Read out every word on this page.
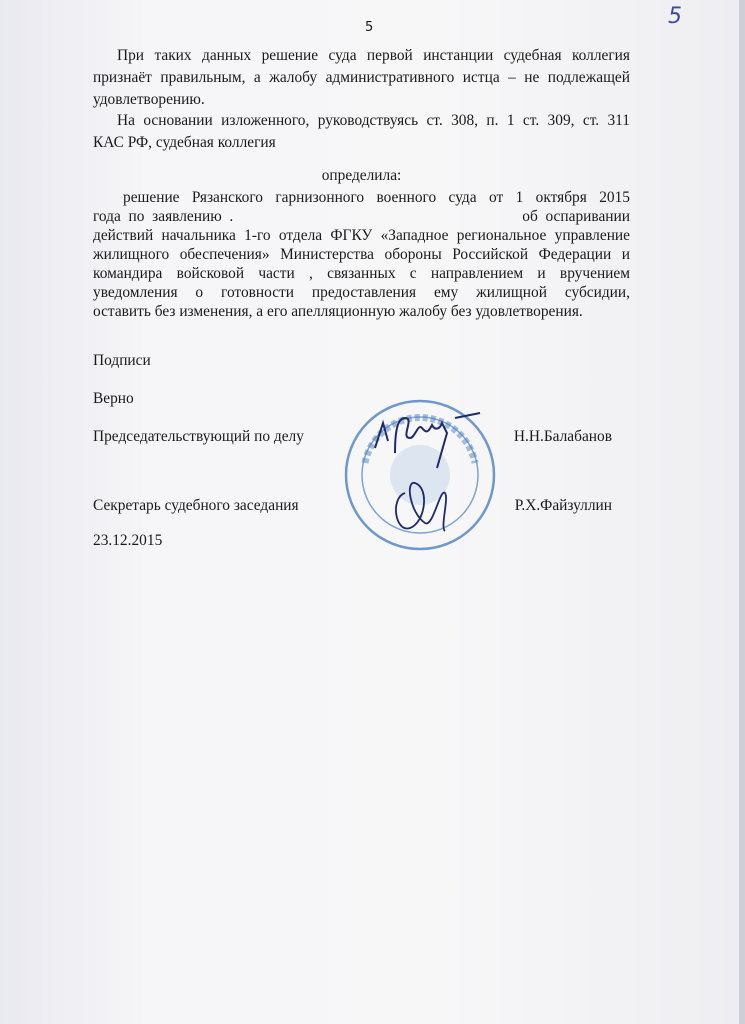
5	5
При таких данных решение суда первой инстанции судебная коллегия
признаёт правильным, а жалобу административного истца – не подлежащей
удовлетворению.
На основании изложенного, руководствуясь ст. 308, п. 1 ст. 309, ст. 311
КАС РФ, судебная коллегия
определила:
решение Рязанского гарнизонного военного суда от 1 октября 2015
года  по  заявлению  .	об  оспаривании
действий начальника 1-го отдела ФГКУ «Западное региональное управление
жилищного обеспечения» Министерства обороны Российской Федерации и
командира войсковой части , связанных с направлением и вручением
уведомления о готовности предоставления ему жилищной субсидии,
оставить без изменения, а его апелляционную жалобу без удовлетворения.
Подписи
Верно
Председательствующий по делу	Н.Н.Балабанов
Секретарь судебного заседания	Р.Х.Файзуллин
23.12.2015
